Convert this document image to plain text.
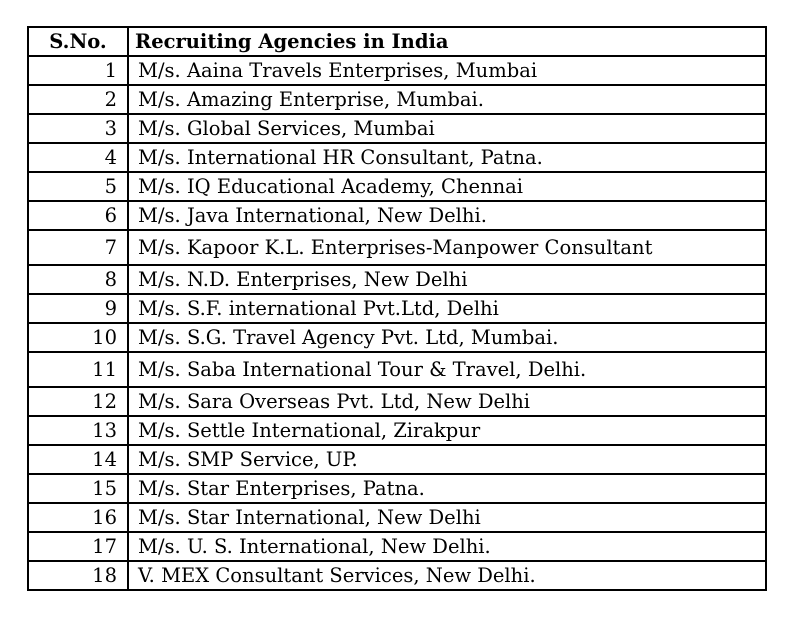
S.No.	Recruiting Agencies in India
1	M/s. Aaina Travels Enterprises, Mumbai
2	M/s. Amazing Enterprise, Mumbai.
3	M/s. Global Services, Mumbai
4	M/s. International HR Consultant, Patna.
5	M/s. IQ Educational Academy, Chennai
6	M/s. Java International, New Delhi.
7	M/s. Kapoor K.L. Enterprises-Manpower Consultant
8	M/s. N.D. Enterprises, New Delhi
9	M/s. S.F. international Pvt.Ltd, Delhi
10	M/s. S.G. Travel Agency Pvt. Ltd, Mumbai.
11	M/s. Saba International Tour & Travel, Delhi.
12	M/s. Sara Overseas Pvt. Ltd, New Delhi
13	M/s. Settle International, Zirakpur
14	M/s. SMP Service, UP.
15	M/s. Star Enterprises, Patna.
16	M/s. Star International, New Delhi
17	M/s. U. S. International, New Delhi.
18	V. MEX Consultant Services, New Delhi.
